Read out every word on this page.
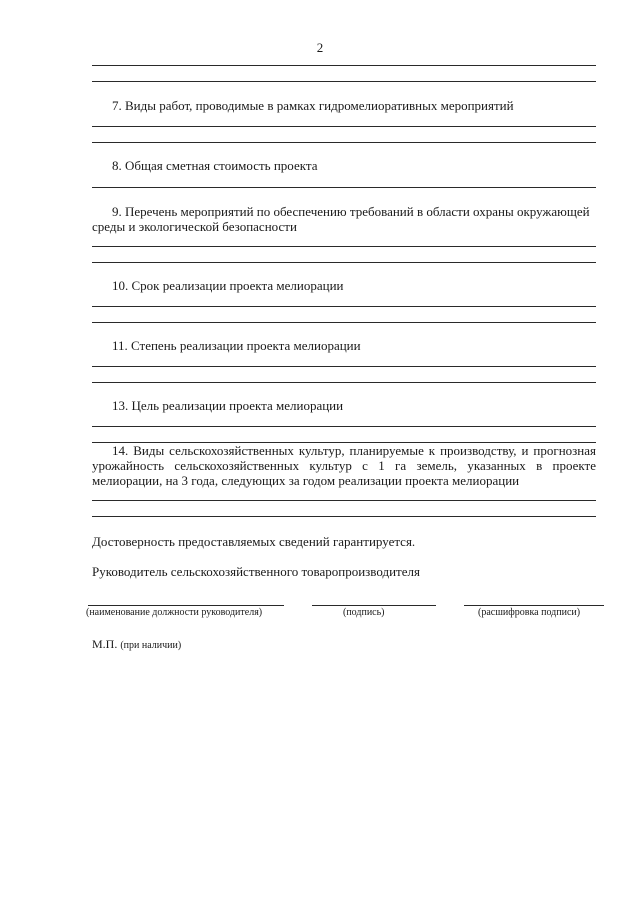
2
7. Виды работ, проводимые в рамках гидромелиоративных мероприятий
8. Общая сметная стоимость проекта
9. Перечень мероприятий по обеспечению требований в области охраны окружающей
среды и экологической безопасности
10. Срок реализации проекта мелиорации
11. Степень реализации проекта мелиорации
13. Цель реализации проекта мелиорации
14. Виды сельскохозяйственных культур, планируемые к производству, и прогнозная
урожайность сельскохозяйственных культур с 1 га земель, указанных в проекте
мелиорации, на 3 года, следующих за годом реализации проекта мелиорации
Достоверность предоставляемых сведений гарантируется.
Руководитель сельскохозяйственного товаропроизводителя
(наименование должности руководителя)	(подпись)	(расшифровка подписи)
М.П. (при наличии)
